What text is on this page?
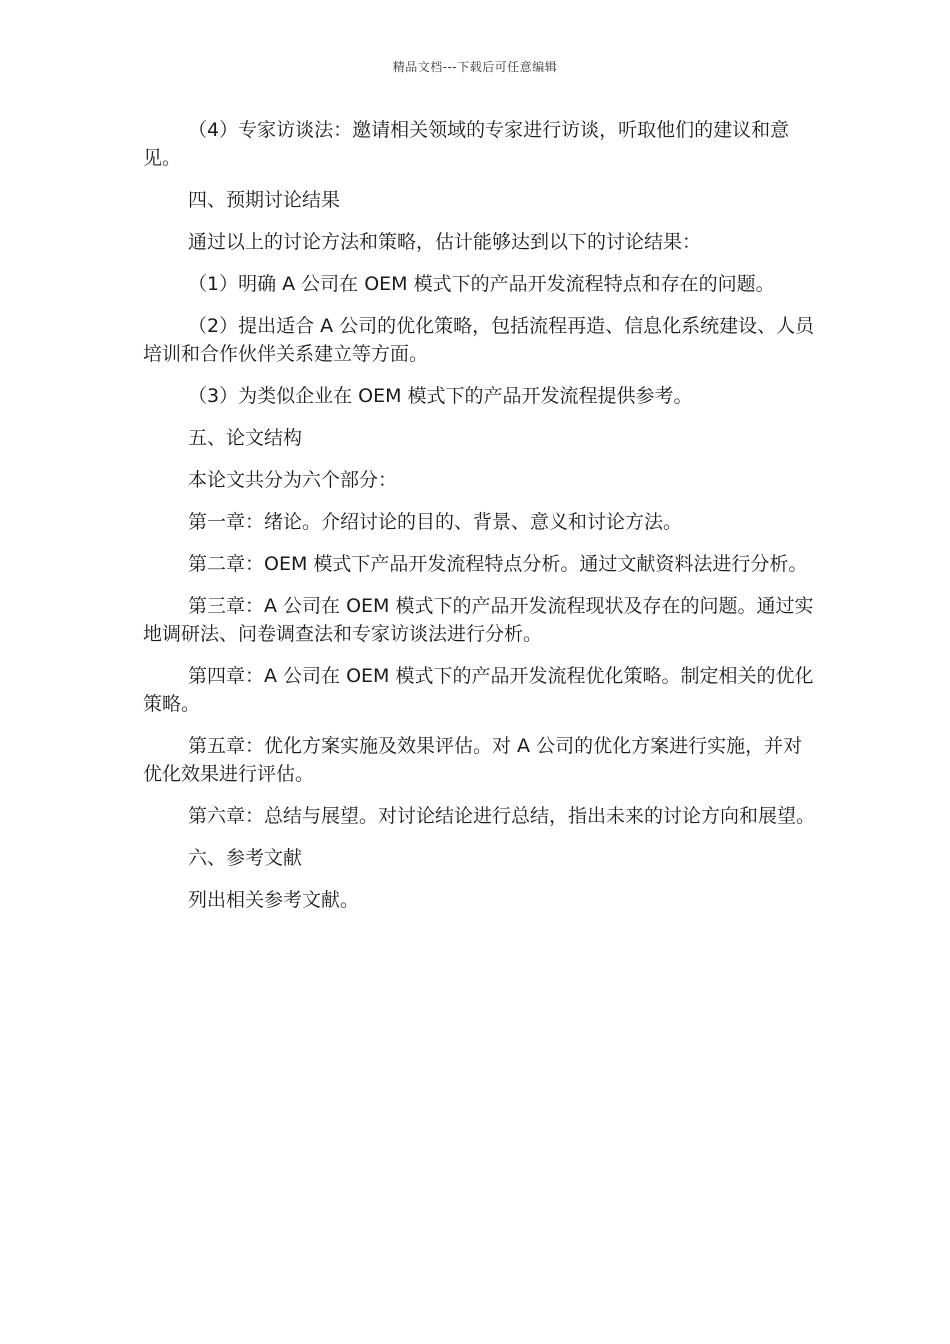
精品文档---下载后可任意编辑

（4）专家访谈法：邀请相关领域的专家进行访谈，听取他们的建议和意见。

四、预期讨论结果

通过以上的讨论方法和策略，估计能够达到以下的讨论结果：

（1）明确 A 公司在 OEM 模式下的产品开发流程特点和存在的问题。

（2）提出适合 A 公司的优化策略，包括流程再造、信息化系统建设、人员培训和合作伙伴关系建立等方面。

（3）为类似企业在 OEM 模式下的产品开发流程提供参考。

五、论文结构

本论文共分为六个部分：

第一章：绪论。介绍讨论的目的、背景、意义和讨论方法。

第二章：OEM 模式下产品开发流程特点分析。通过文献资料法进行分析。

第三章：A 公司在 OEM 模式下的产品开发流程现状及存在的问题。通过实地调研法、问卷调查法和专家访谈法进行分析。

第四章：A 公司在 OEM 模式下的产品开发流程优化策略。制定相关的优化策略。

第五章：优化方案实施及效果评估。对 A 公司的优化方案进行实施，并对优化效果进行评估。

第六章：总结与展望。对讨论结论进行总结，指出未来的讨论方向和展望。

六、参考文献

列出相关参考文献。
